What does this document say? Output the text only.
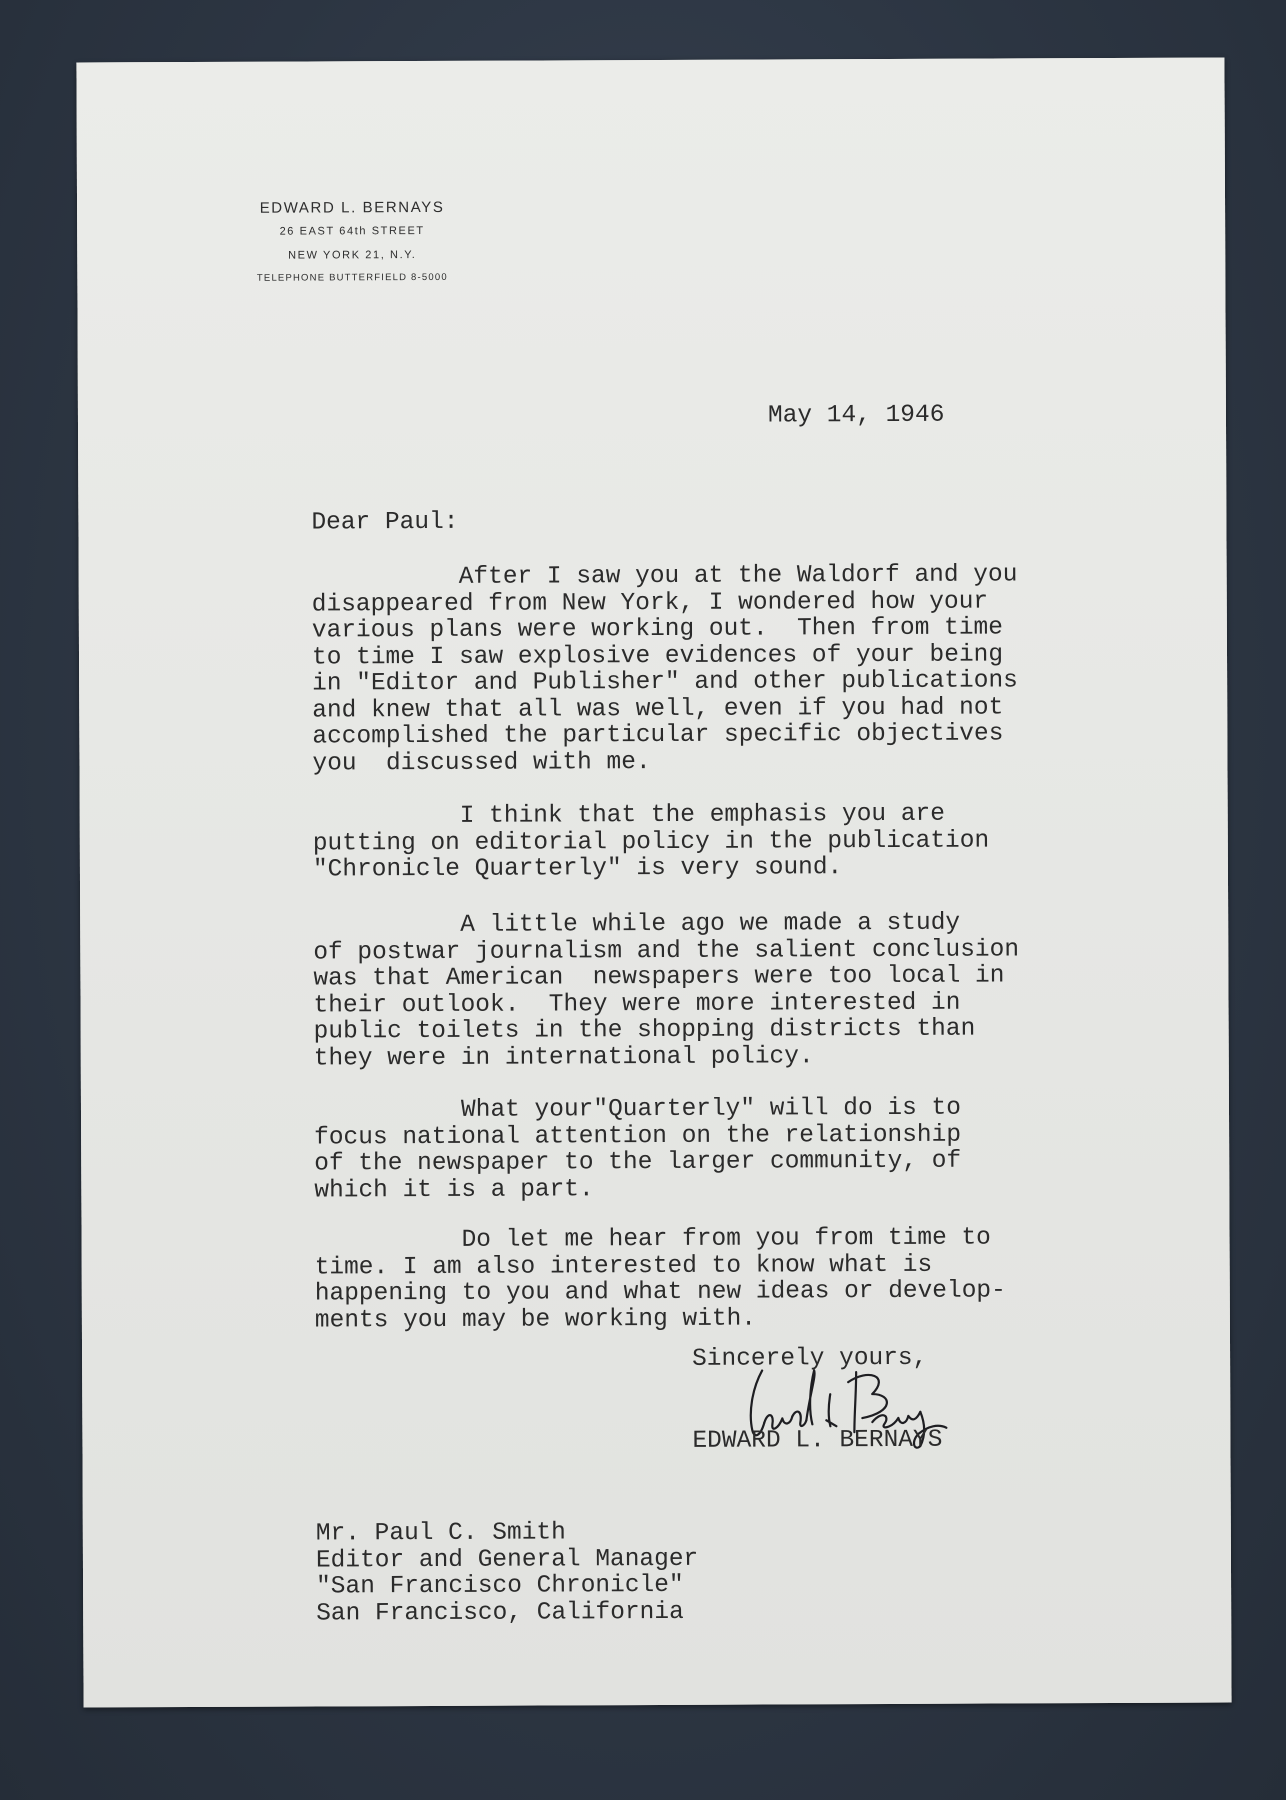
EDWARD L. BERNAYS
26 EAST 64th STREET
NEW YORK 21, N.Y.
TELEPHONE BUTTERFIELD 8-5000
May 14, 1946
Dear Paul:
After I saw you at the Waldorf and you
disappeared from New York, I wondered how your
various plans were working out.  Then from time
to time I saw explosive evidences of your being
in "Editor and Publisher" and other publications
and knew that all was well, even if you had not
accomplished the particular specific objectives
you  discussed with me.
I think that the emphasis you are
putting on editorial policy in the publication
"Chronicle Quarterly" is very sound.
A little while ago we made a study
of postwar journalism and the salient conclusion
was that American  newspapers were too local in
their outlook.  They were more interested in
public toilets in the shopping districts than
they were in international policy.
What your"Quarterly" will do is to
focus national attention on the relationship
of the newspaper to the larger community, of
which it is a part.
Do let me hear from you from time to
time. I am also interested to know what is
happening to you and what new ideas or develop-
ments you may be working with.
Sincerely yours,
EDWARD L. BERNAYS
Mr. Paul C. Smith
Editor and General Manager
"San Francisco Chronicle"
San Francisco, California
